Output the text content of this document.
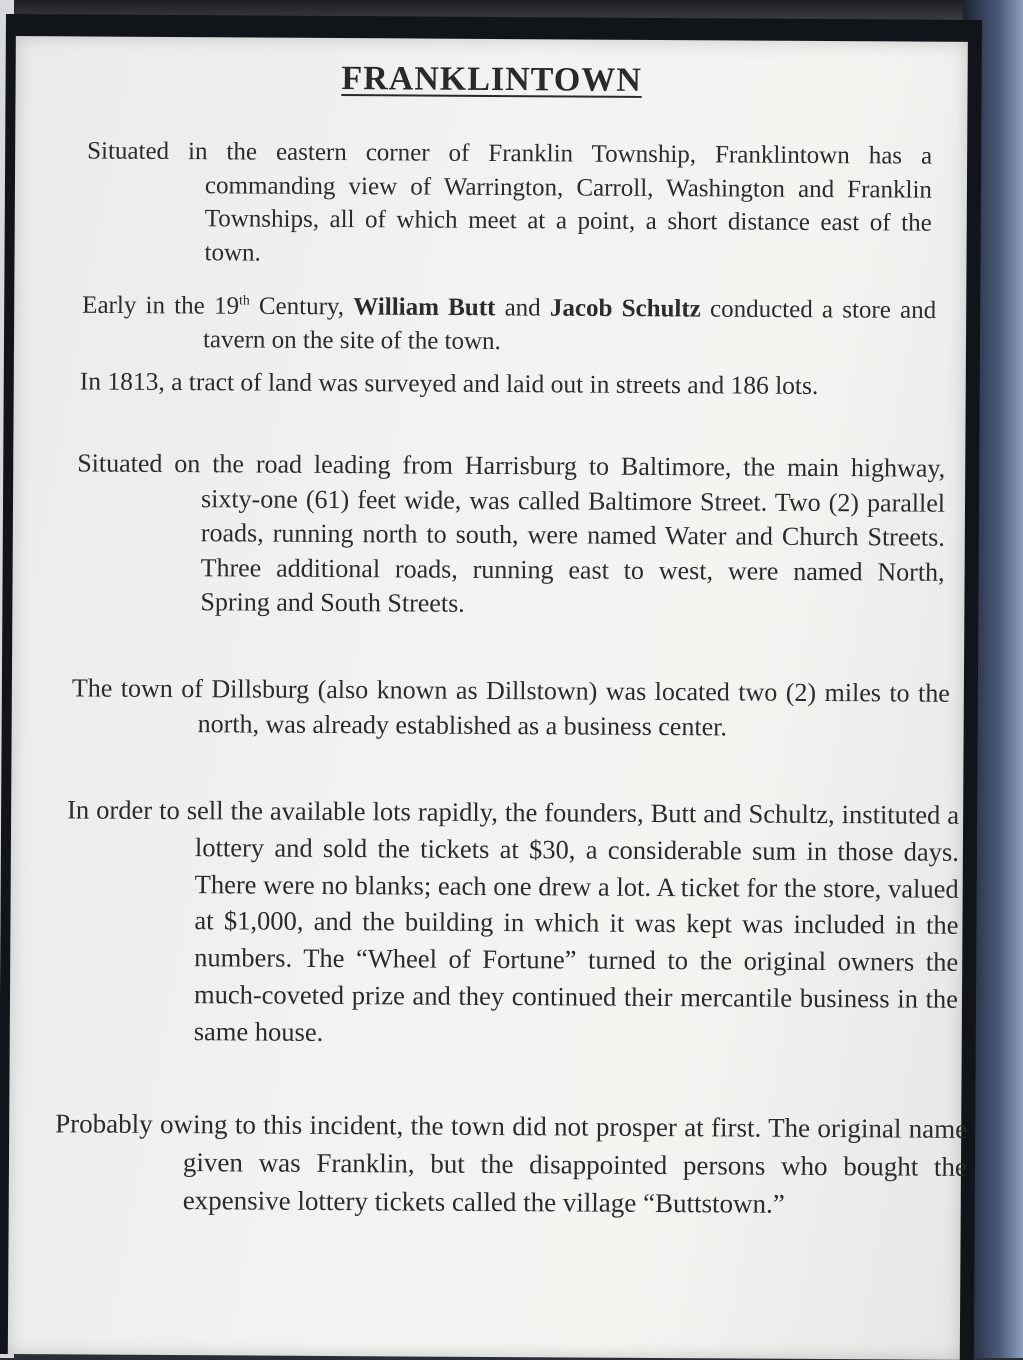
FRANKLINTOWN

Situated in the eastern corner of Franklin Township, Franklintown has a commanding view of Warrington, Carroll, Washington and Franklin Townships, all of which meet at a point, a short distance east of the town.

Early in the 19th Century, William Butt and Jacob Schultz conducted a store and tavern on the site of the town.

In 1813, a tract of land was surveyed and laid out in streets and 186 lots.

Situated on the road leading from Harrisburg to Baltimore, the main highway, sixty-one (61) feet wide, was called Baltimore Street. Two (2) parallel roads, running north to south, were named Water and Church Streets. Three additional roads, running east to west, were named North, Spring and South Streets.

The town of Dillsburg (also known as Dillstown) was located two (2) miles to the north, was already established as a business center.

In order to sell the available lots rapidly, the founders, Butt and Schultz, instituted a lottery and sold the tickets at $30, a considerable sum in those days. There were no blanks; each one drew a lot. A ticket for the store, valued at $1,000, and the building in which it was kept was included in the numbers. The “Wheel of Fortune” turned to the original owners the much-coveted prize and they continued their mercantile business in the same house.

Probably owing to this incident, the town did not prosper at first. The original name given was Franklin, but the disappointed persons who bought the expensive lottery tickets called the village “Buttstown.”
